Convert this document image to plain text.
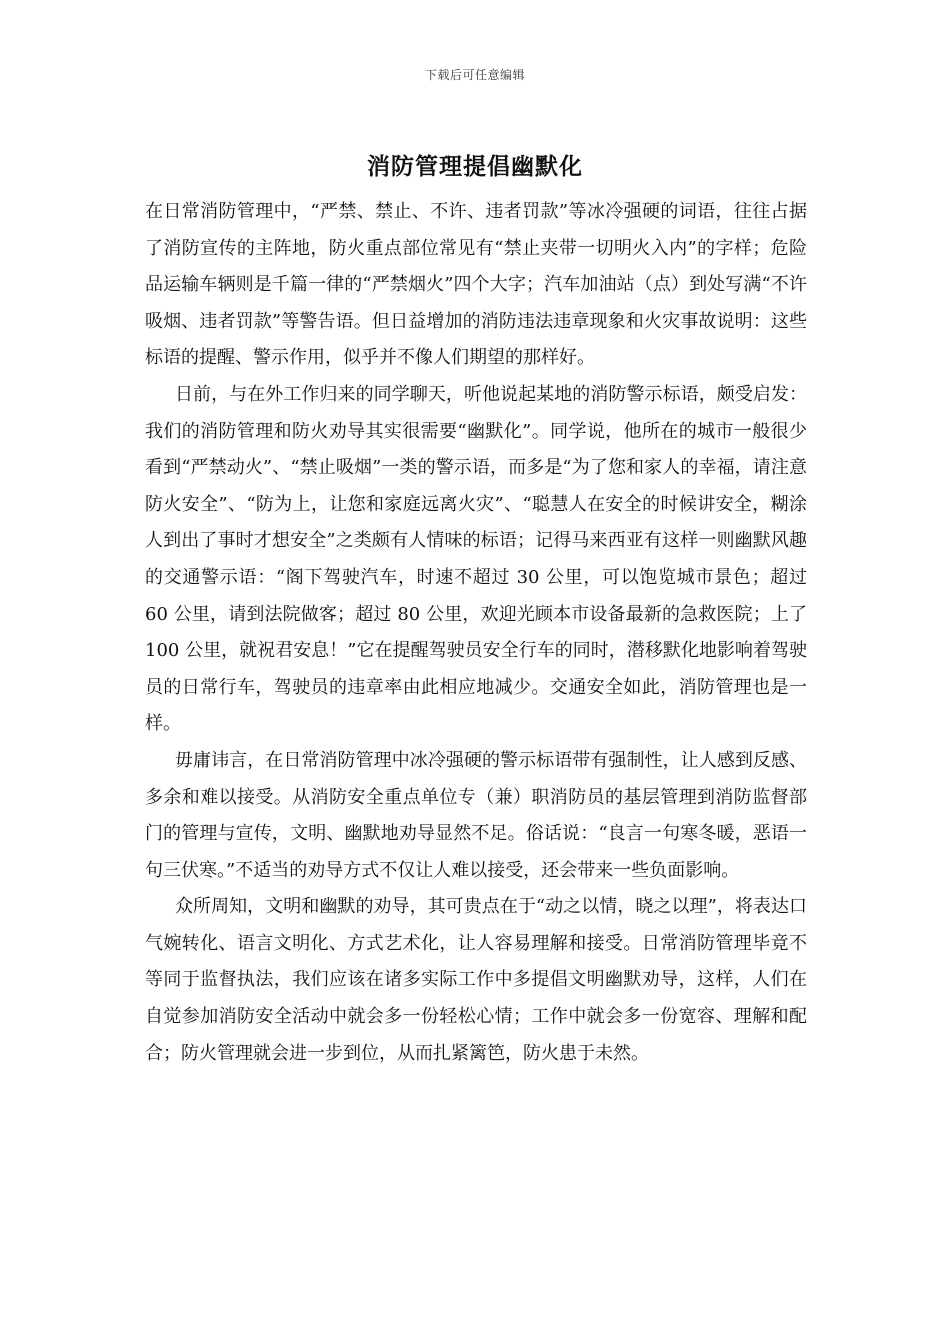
下载后可任意编辑
消防管理提倡幽默化

在日常消防管理中，“严禁、禁止、不许、违者罚款”等冰冷强硬的词语，往往占据了消防宣传的主阵地，防火重点部位常见有“禁止夹带一切明火入内”的字样；危险品运输车辆则是千篇一律的“严禁烟火”四个大字；汽车加油站（点）到处写满“不许吸烟、违者罚款”等警告语。但日益增加的消防违法违章现象和火灾事故说明：这些标语的提醒、警示作用，似乎并不像人们期望的那样好。

日前，与在外工作归来的同学聊天，听他说起某地的消防警示标语，颇受启发：我们的消防管理和防火劝导其实很需要“幽默化”。同学说，他所在的城市一般很少看到“严禁动火”、“禁止吸烟”一类的警示语，而多是“为了您和家人的幸福，请注意防火安全”、“防为上，让您和家庭远离火灾”、“聪慧人在安全的时候讲安全，糊涂人到出了事时才想安全”之类颇有人情味的标语；记得马来西亚有这样一则幽默风趣的交通警示语：“阁下驾驶汽车，时速不超过 30 公里，可以饱览城市景色；超过 60 公里，请到法院做客；超过 80 公里，欢迎光顾本市设备最新的急救医院；上了 100 公里，就祝君安息！”它在提醒驾驶员安全行车的同时，潜移默化地影响着驾驶员的日常行车，驾驶员的违章率由此相应地减少。交通安全如此，消防管理也是一样。

毋庸讳言，在日常消防管理中冰冷强硬的警示标语带有强制性，让人感到反感、多余和难以接受。从消防安全重点单位专（兼）职消防员的基层管理到消防监督部门的管理与宣传，文明、幽默地劝导显然不足。俗话说：“良言一句寒冬暖，恶语一句三伏寒。”不适当的劝导方式不仅让人难以接受，还会带来一些负面影响。

众所周知，文明和幽默的劝导，其可贵点在于“动之以情，晓之以理”，将表达口气婉转化、语言文明化、方式艺术化，让人容易理解和接受。日常消防管理毕竟不等同于监督执法，我们应该在诸多实际工作中多提倡文明幽默劝导，这样，人们在自觉参加消防安全活动中就会多一份轻松心情；工作中就会多一份宽容、理解和配合；防火管理就会进一步到位，从而扎紧篱笆，防火患于未然。
